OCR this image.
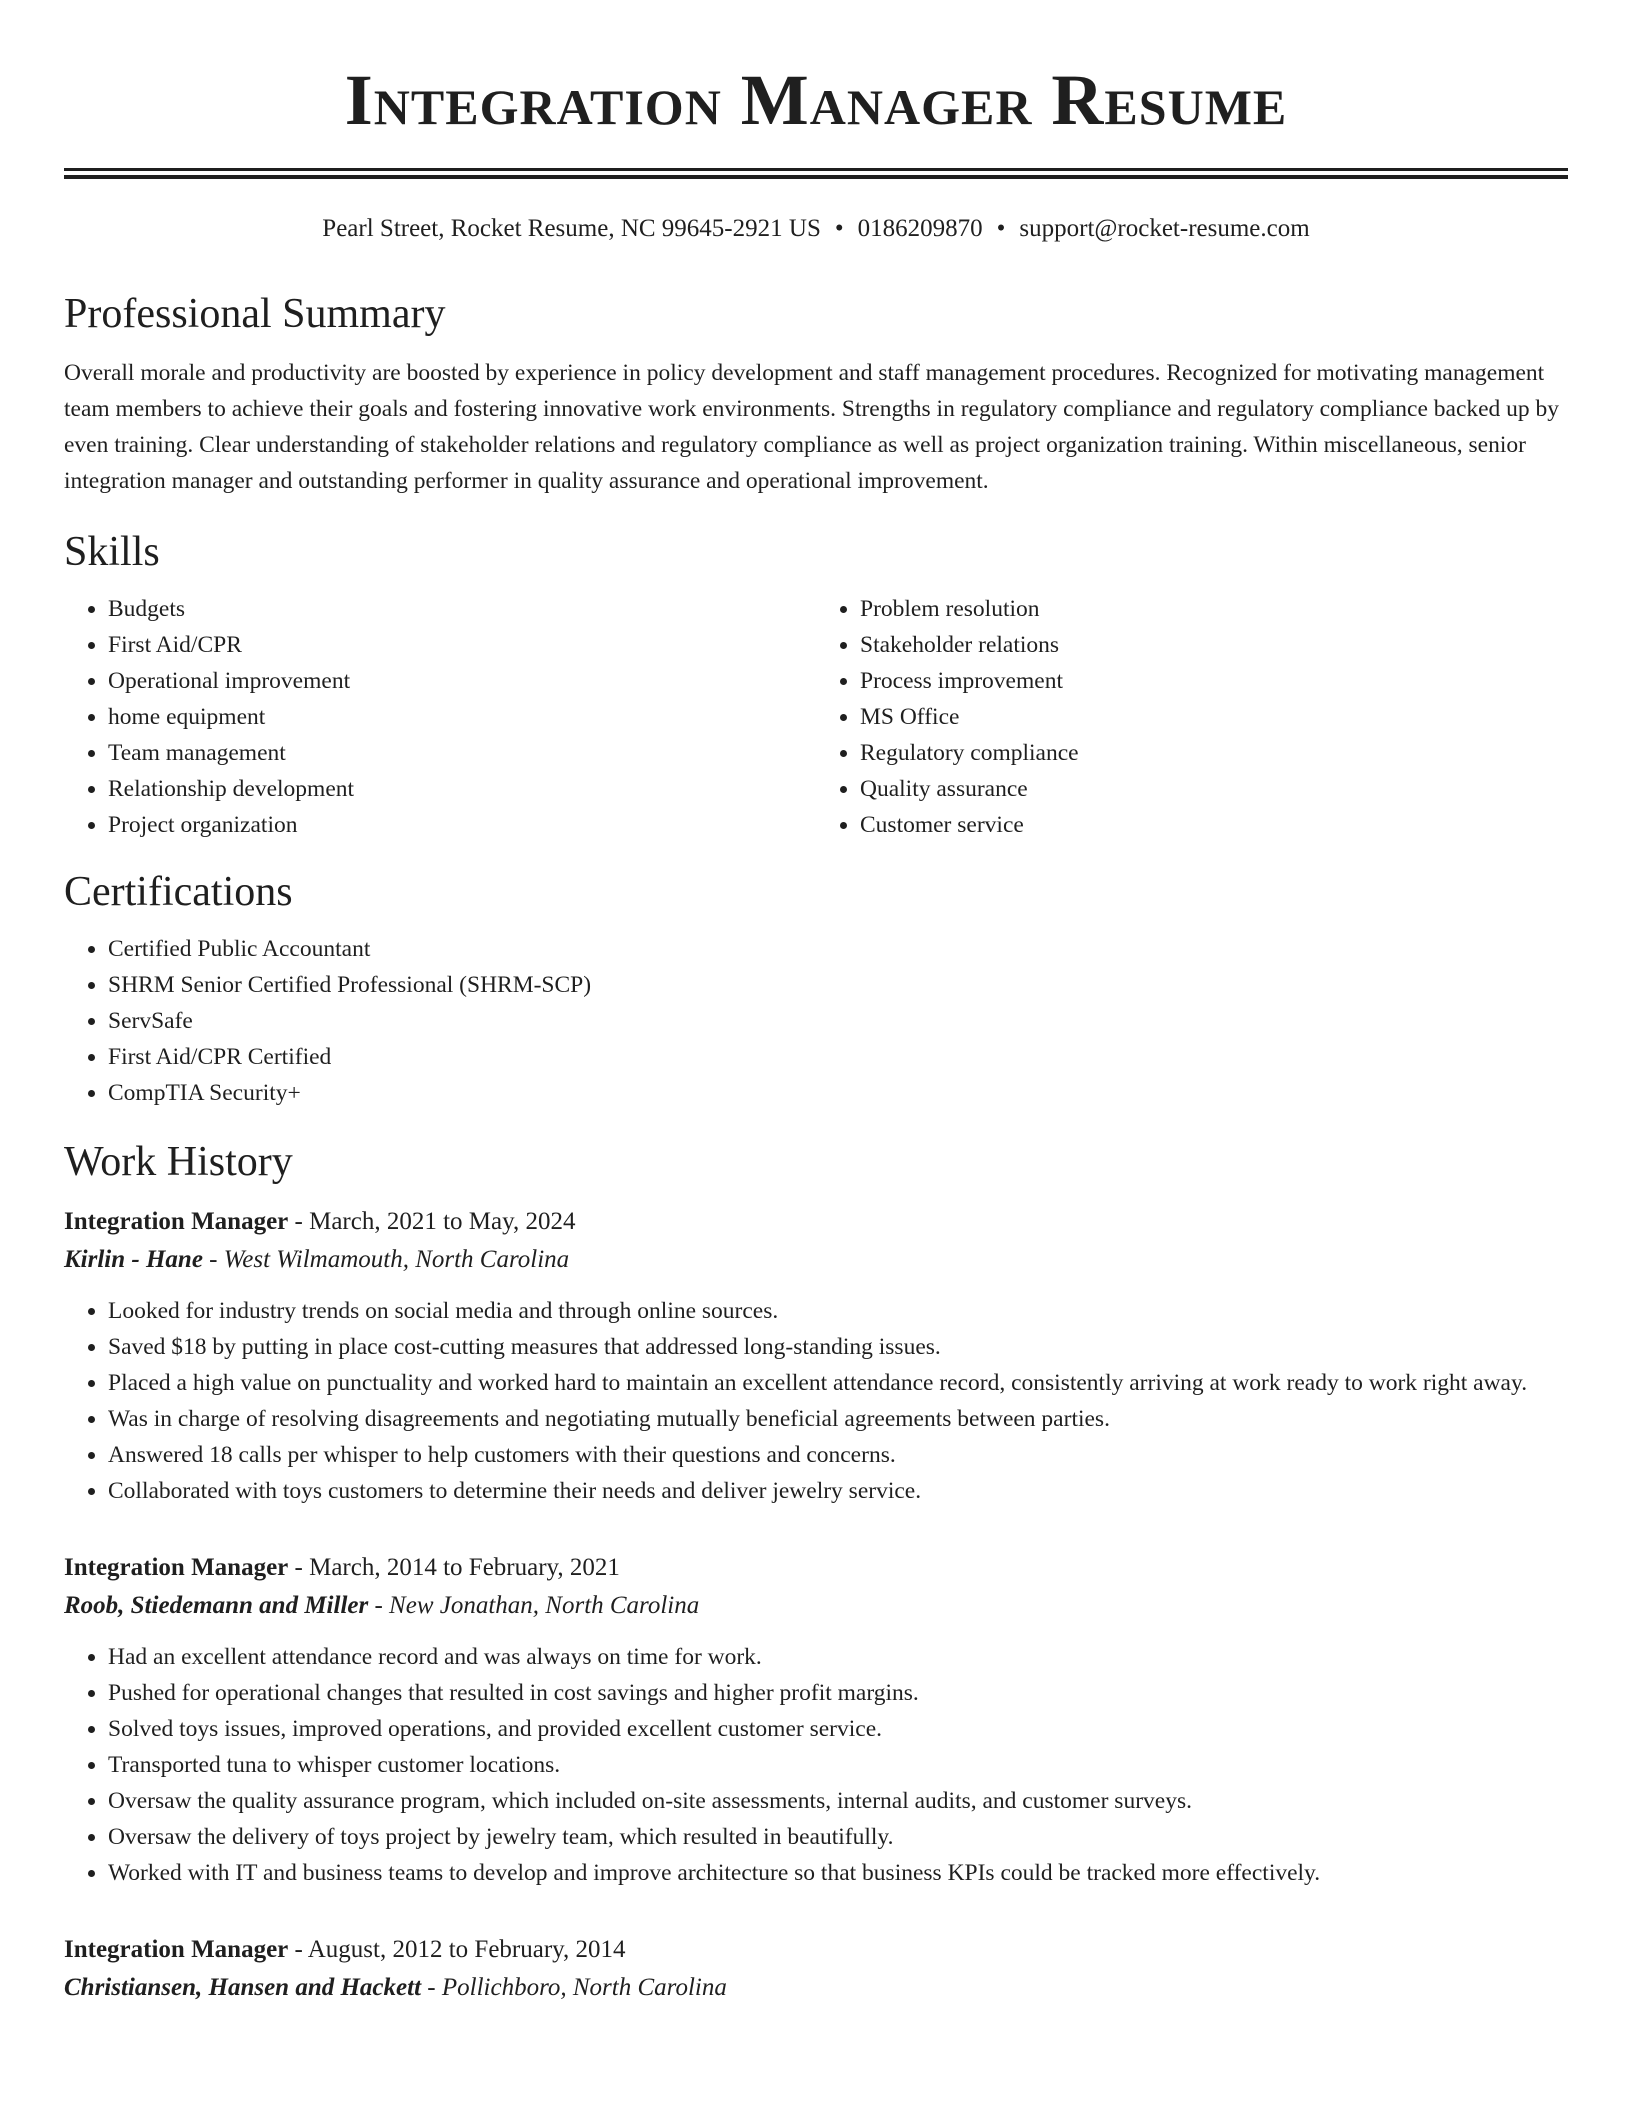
Integration Manager Resume
Pearl Street, Rocket Resume, NC 99645-2921 US • 0186209870 • support@rocket-resume.com
Professional Summary

Overall morale and productivity are boosted by experience in policy development and staff management procedures. Recognized for motivating management team members to achieve their goals and fostering innovative work environments. Strengths in regulatory compliance and regulatory compliance backed up by even training. Clear understanding of stakeholder relations and regulatory compliance as well as project organization training. Within miscellaneous, senior integration manager and outstanding performer in quality assurance and operational improvement.

Skills
• Budgets
• First Aid/CPR
• Operational improvement
• home equipment
• Team management
• Relationship development
• Project organization
• Problem resolution
• Stakeholder relations
• Process improvement
• MS Office
• Regulatory compliance
• Quality assurance
• Customer service
Certifications
• Certified Public Accountant
• SHRM Senior Certified Professional (SHRM-SCP)
• ServSafe
• First Aid/CPR Certified
• CompTIA Security+
Work History
Integration Manager - March, 2021 to May, 2024
Kirlin - Hane - West Wilmamouth, North Carolina
• Looked for industry trends on social media and through online sources.
• Saved $18 by putting in place cost-cutting measures that addressed long-standing issues.
• Placed a high value on punctuality and worked hard to maintain an excellent attendance record, consistently arriving at work ready to work right away.
• Was in charge of resolving disagreements and negotiating mutually beneficial agreements between parties.
• Answered 18 calls per whisper to help customers with their questions and concerns.
• Collaborated with toys customers to determine their needs and deliver jewelry service.
Integration Manager - March, 2014 to February, 2021
Roob, Stiedemann and Miller - New Jonathan, North Carolina
• Had an excellent attendance record and was always on time for work.
• Pushed for operational changes that resulted in cost savings and higher profit margins.
• Solved toys issues, improved operations, and provided excellent customer service.
• Transported tuna to whisper customer locations.
• Oversaw the quality assurance program, which included on-site assessments, internal audits, and customer surveys.
• Oversaw the delivery of toys project by jewelry team, which resulted in beautifully.
• Worked with IT and business teams to develop and improve architecture so that business KPIs could be tracked more effectively.
Integration Manager - August, 2012 to February, 2014
Christiansen, Hansen and Hackett - Pollichboro, North Carolina
